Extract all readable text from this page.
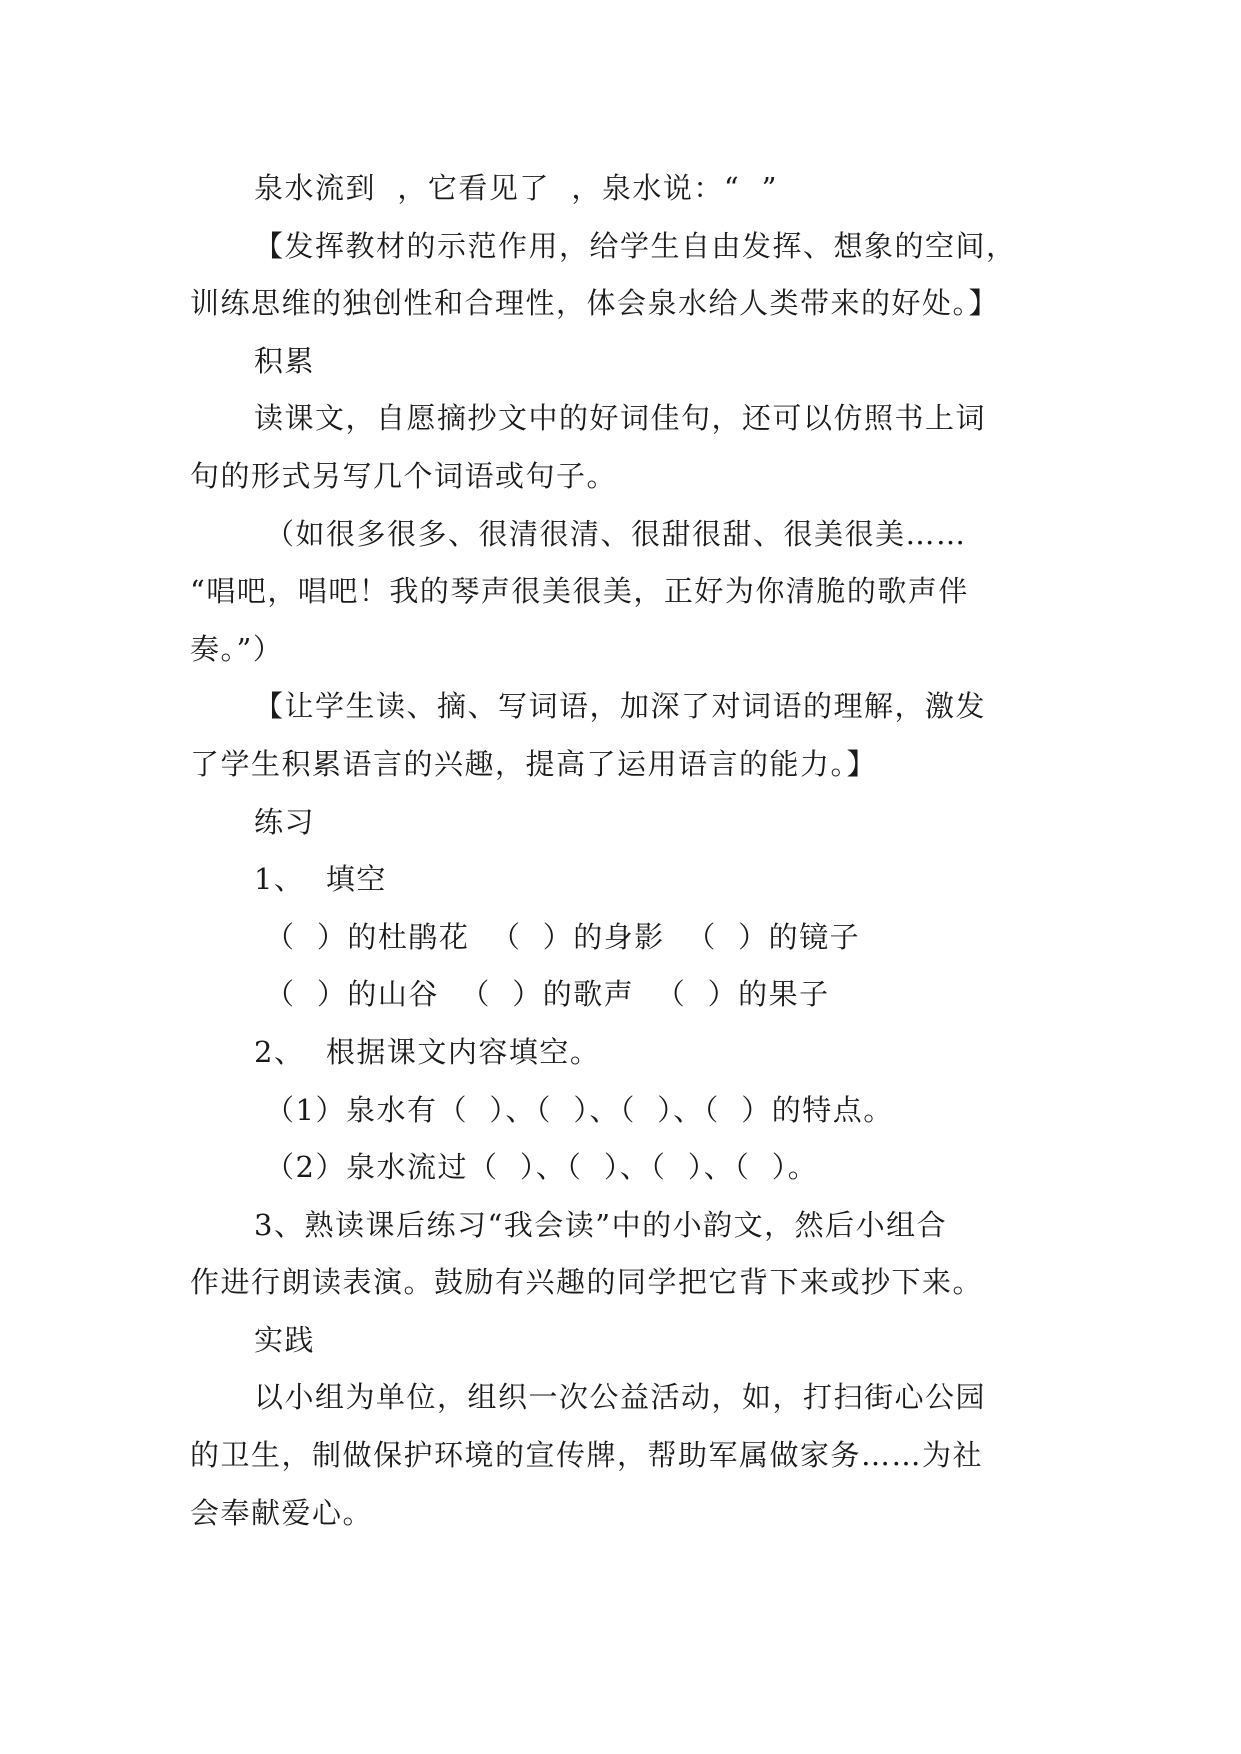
泉水流到  ，它看见了  ，泉水说：“  ”
【发挥教材的示范作用，给学生自由发挥、想象的空间，
训练思维的独创性和合理性，体会泉水给人类带来的好处。】
积累
读课文，自愿摘抄文中的好词佳句，还可以仿照书上词
句的形式另写几个词语或句子。
（如很多很多、很清很清、很甜很甜、很美很美……
“唱吧，唱吧！我的琴声很美很美，正好为你清脆的歌声伴
奏。”）
【让学生读、摘、写词语，加深了对词语的理解，激发
了学生积累语言的兴趣，提高了运用语言的能力。】
练习
1、  填空
（  ）的杜鹃花  （  ）的身影  （  ）的镜子
（  ）的山谷  （  ）的歌声  （  ）的果子
2、  根据课文内容填空。
（1）泉水有（  ）、（  ）、（  ）、（  ）的特点。
（2）泉水流过（  ）、（  ）、（  ）、（  ）。
3、熟读课后练习“我会读”中的小韵文，然后小组合
作进行朗读表演。鼓励有兴趣的同学把它背下来或抄下来。
实践
以小组为单位，组织一次公益活动，如，打扫街心公园
的卫生，制做保护环境的宣传牌，帮助军属做家务……为社
会奉献爱心。
